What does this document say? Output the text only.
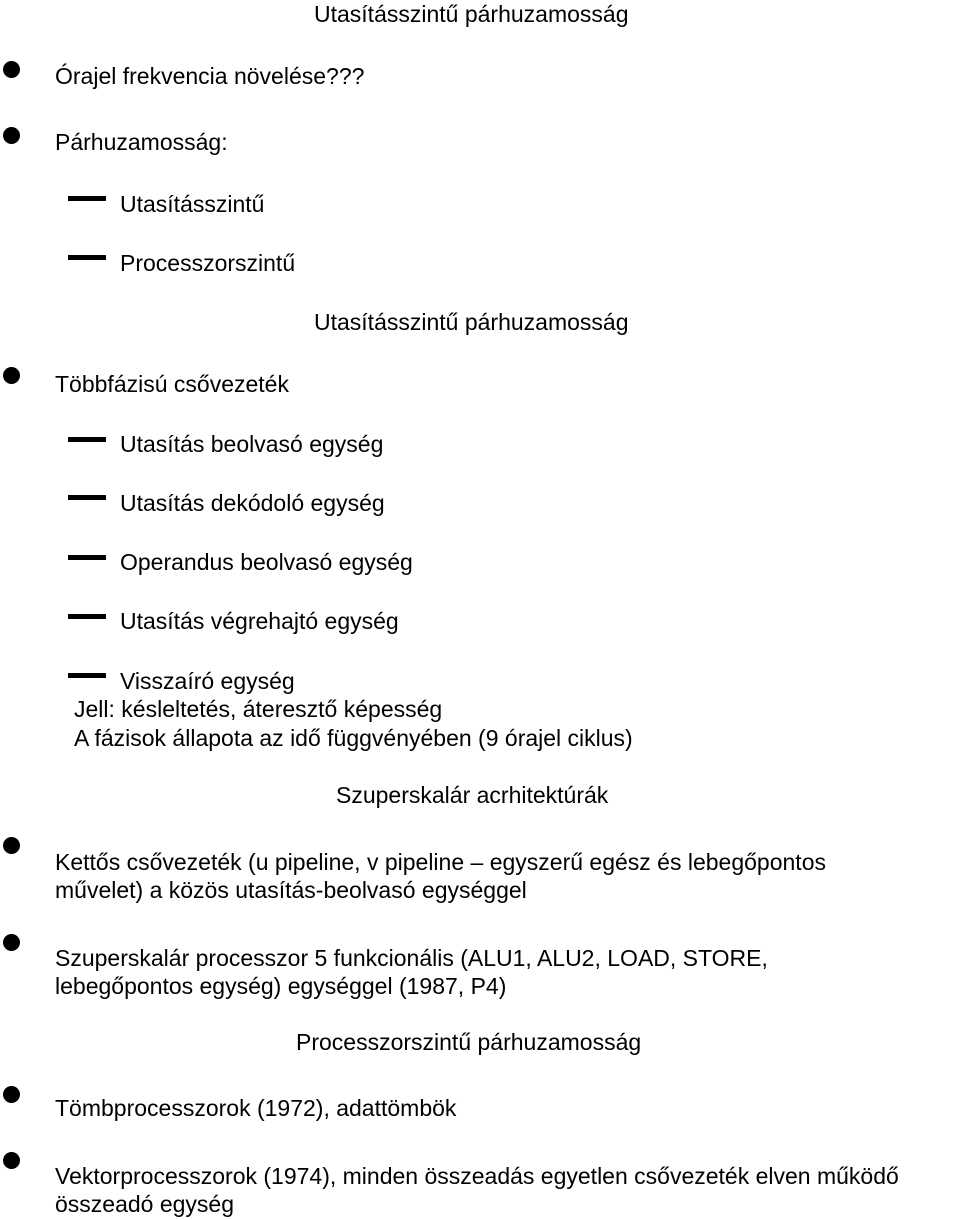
Utasításszintű párhuzamosság
Órajel frekvencia növelése???
Párhuzamosság:
Utasításszintű
Processzorszintű
Utasításszintű párhuzamosság
Többfázisú csővezeték
Utasítás beolvasó egység
Utasítás dekódoló egység
Operandus beolvasó egység
Utasítás végrehajtó egység
Visszaíró egység
Jell: késleltetés, áteresztő képesség
A fázisok állapota az idő függvényében (9 órajel ciklus)
Szuperskalár acrhitektúrák
Kettős csővezeték (u pipeline, v pipeline – egyszerű egész és lebegőpontos
művelet) a közös utasítás-beolvasó egységgel
Szuperskalár processzor 5 funkcionális (ALU1, ALU2, LOAD, STORE,
lebegőpontos egység) egységgel (1987, P4)
Processzorszintű párhuzamosság
Tömbprocesszorok (1972), adattömbök
Vektorprocesszorok (1974), minden összeadás egyetlen csővezeték elven működő
összeadó egység
